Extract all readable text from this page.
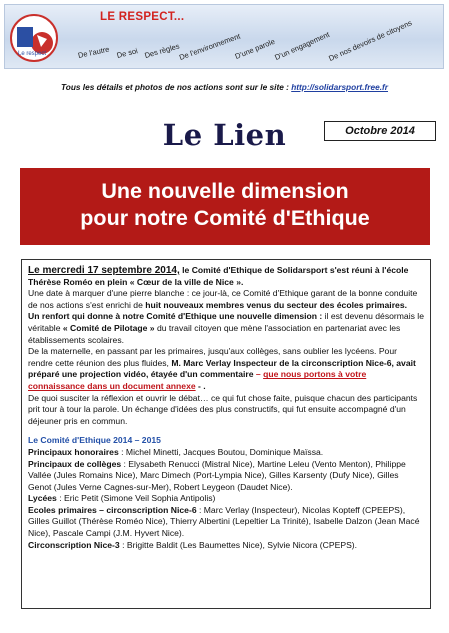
Le respect
LE RESPECT...
De l'autre De soi Des règles
De l'environnement
D'une parole
D'un engagement
De nos devoirs de citoyens
Tous les détails et photos de nos actions sont sur le site : http://solidarsport.free.fr
Le Lien	Octobre 2014
Une nouvelle dimension
pour notre Comité d'Ethique

Le mercredi 17 septembre 2014, le Comité d'Ethique de Solidarsport s'est réuni à l'école Thérèse Roméo en plein « Cœur de la ville de Nice ».

Une date à marquer d'une pierre blanche : ce jour-là, ce Comité d'Ethique garant de la bonne conduite de nos actions s'est enrichi de huit nouveaux membres venus du secteur des écoles primaires.

Un renfort qui donne à notre Comité d'Ethique une nouvelle dimension : il est devenu désormais le véritable « Comité de Pilotage » du travail citoyen que mène l'association en partenariat avec les établissements scolaires.

De la maternelle, en passant par les primaires, jusqu'aux collèges, sans oublier les lycéens. Pour rendre cette réunion des plus fluides, M. Marc Verlay Inspecteur de la circonscription Nice-6, avait préparé une projection vidéo, étayée d'un commentaire – que nous portons à votre connaissance dans un document annexe - .

De quoi susciter la réflexion et ouvrir le débat… ce qui fut chose faite, puisque chacun des participants prit tour à tour la parole. Un échange d'idées des plus constructifs, qui fut ensuite accompagné d'un déjeuner pris en commun.

Le Comité d'Ethique 2014 – 2015

Principaux honoraires : Michel Minetti, Jacques Boutou, Dominique Maïssa.

Principaux de collèges : Elysabeth Renucci (Mistral Nice), Martine Leleu (Vento Menton), Philippe Vallée (Jules Romains Nice), Marc Dimech (Port-Lympia Nice), Gilles Karsenty (Dufy Nice), Gilles Genot (Jules Verne Cagnes-sur-Mer), Robert Leygeon (Daudet Nice).

Lycées : Eric Petit (Simone Veil Sophia Antipolis)

Ecoles primaires – circonscription Nice-6 : Marc Verlay (Inspecteur), Nicolas Kopteff (CPEEPS), Gilles Guillot (Thérèse Roméo Nice), Thierry Albertini (Lepeltier La Trinité), Isabelle Dalzon (Jean Macé Nice), Pascale Campi (J.M. Hyvert Nice).

Circonscription Nice-3 : Brigitte Baldit (Les Baumettes Nice), Sylvie Nicora (CPEPS).
